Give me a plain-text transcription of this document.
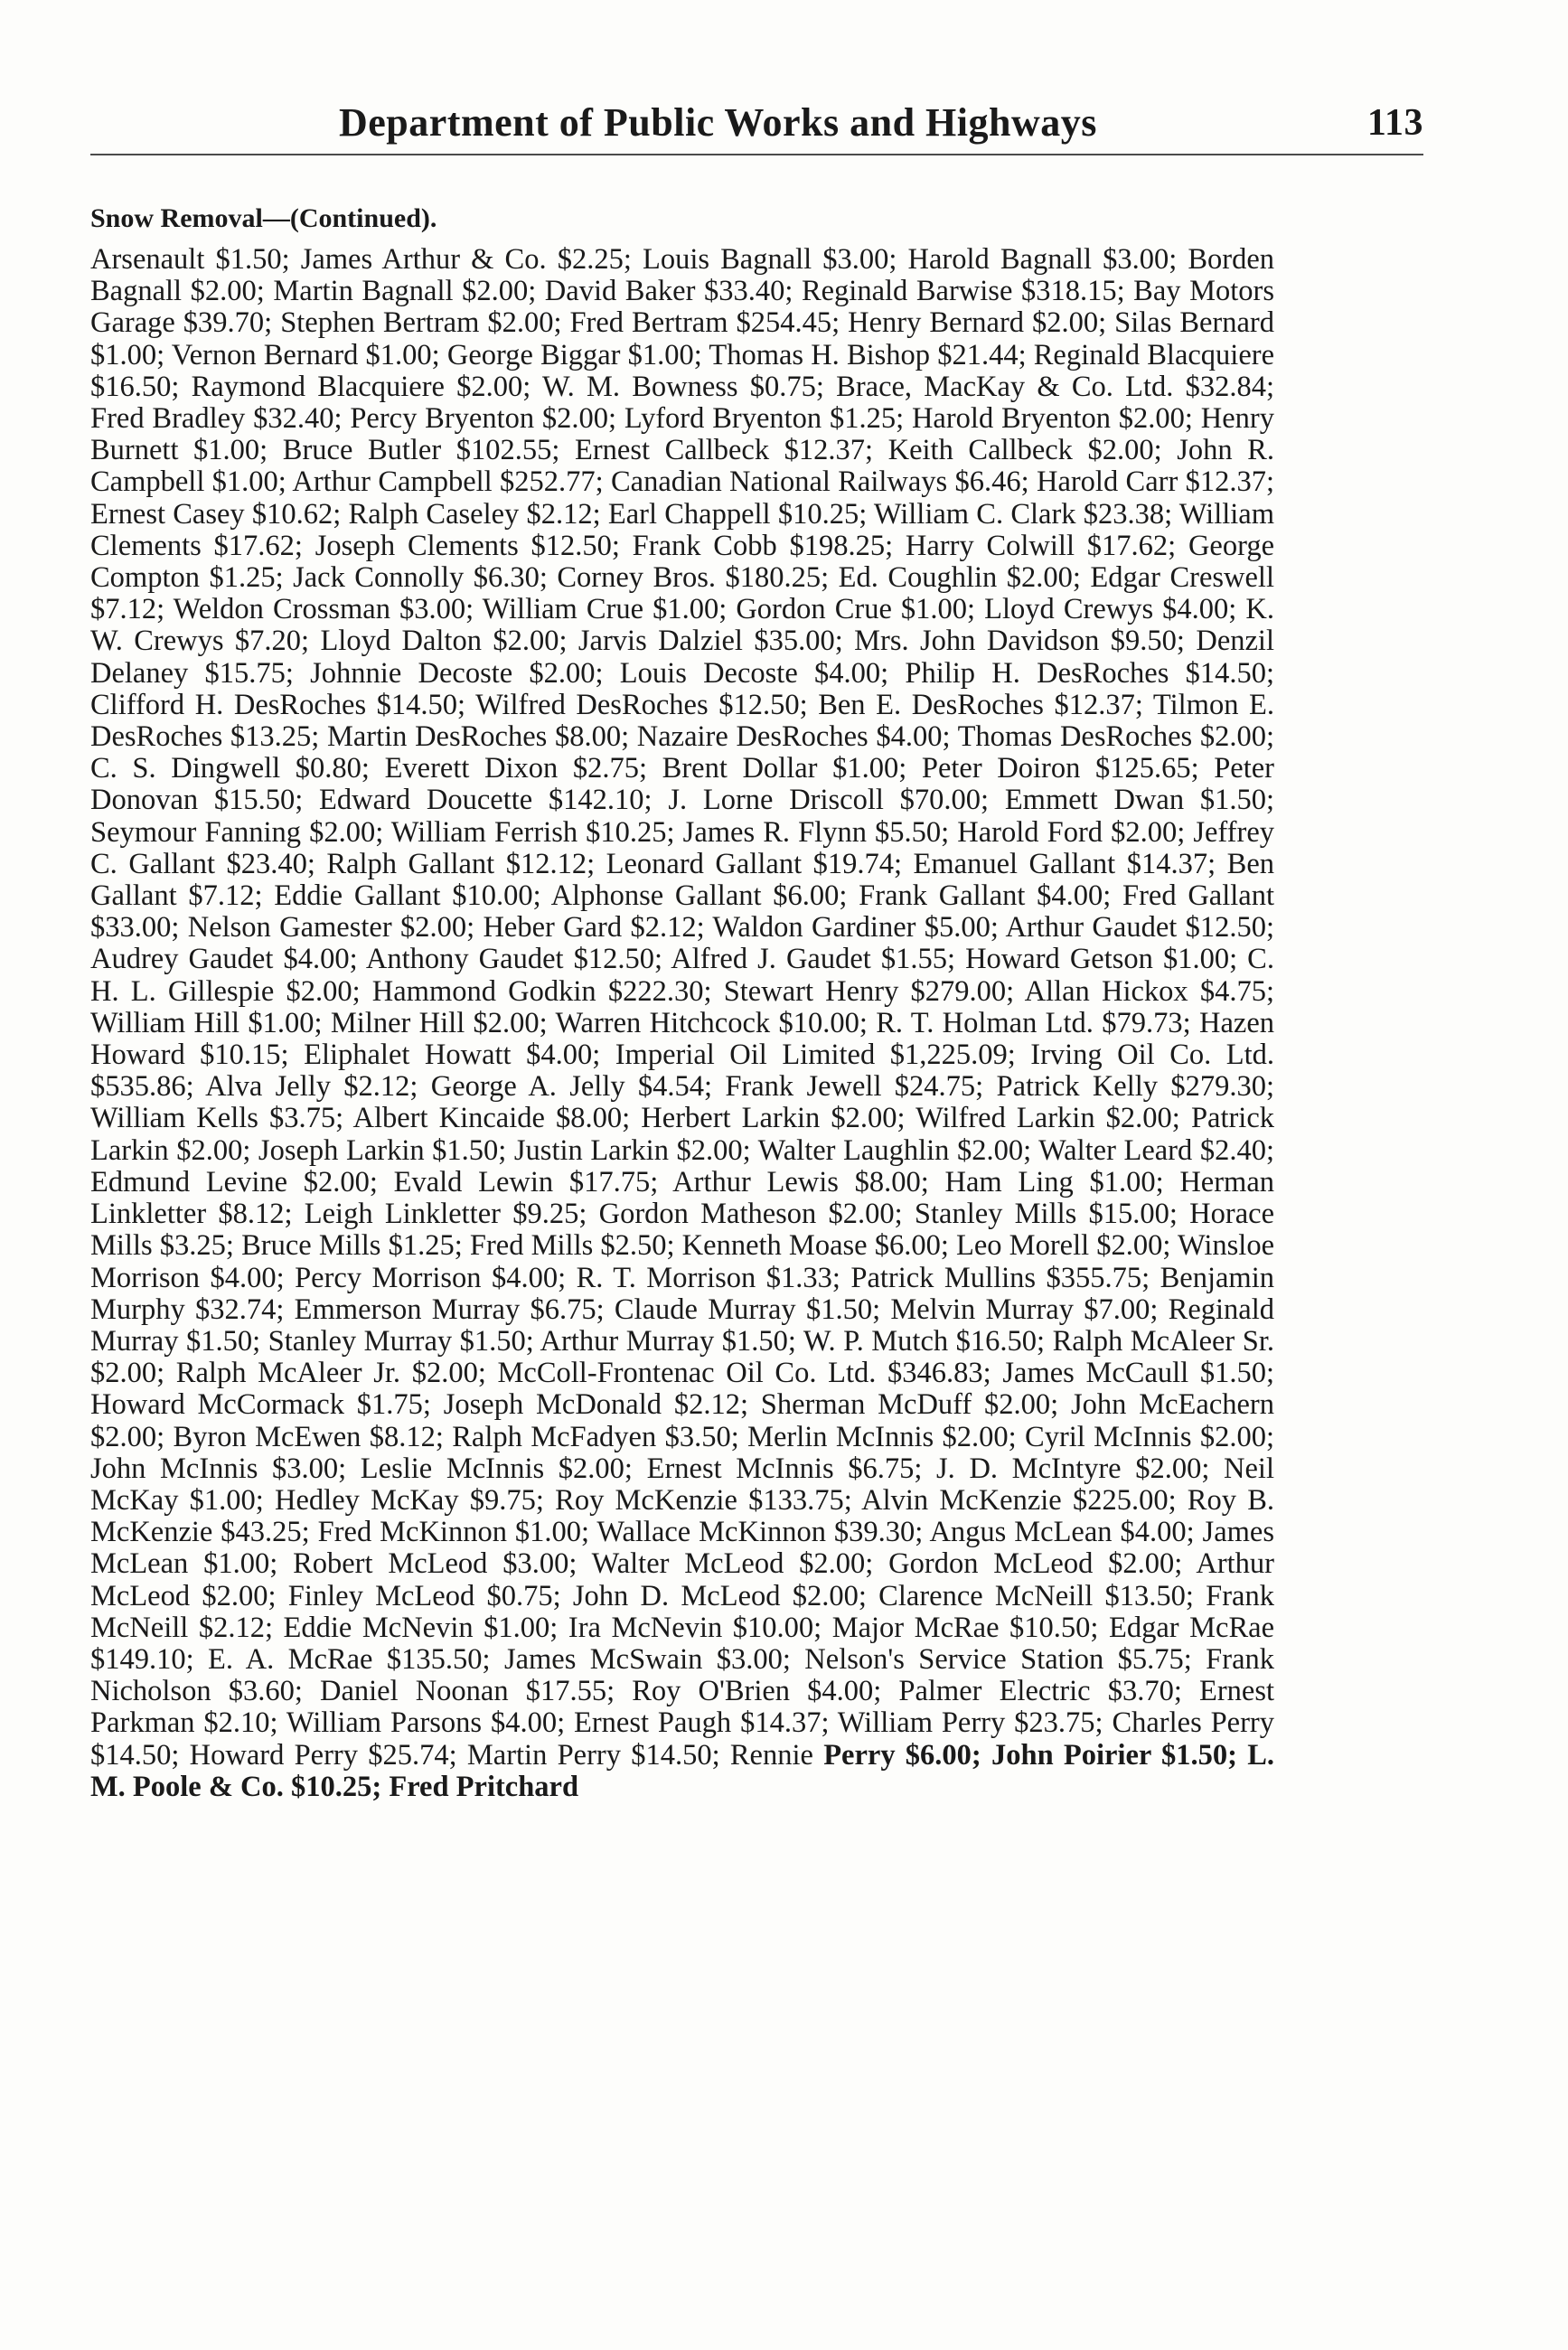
Department of Public Works and Highways	113
Snow Removal—(Continued).

Arsenault $1.50; James Arthur & Co. $2.25; Louis Bagnall $3.00; Harold Bagnall $3.00; Borden Bagnall $2.00; Martin Bagnall $2.00; David Baker $33.40; Reginald Barwise $318.15; Bay Motors Garage $39.70; Stephen Bertram $2.00; Fred Bertram $254.45; Henry Bernard $2.00; Silas Bernard $1.00; Vernon Bernard $1.00; George Biggar $1.00; Thomas H. Bishop $21.44; Reginald Blacquiere $16.50; Raymond Blacquiere $2.00; W. M. Bowness $0.75; Brace, MacKay & Co. Ltd. $32.84; Fred Bradley $32.40; Percy Bryenton $2.00; Lyford Bryenton $1.25; Harold Bryenton $2.00; Henry Burnett $1.00; Bruce Butler $102.55; Ernest Callbeck $12.37; Keith Callbeck $2.00; John R. Campbell $1.00; Arthur Campbell $252.77; Canadian National Railways $6.46; Harold Carr $12.37; Ernest Casey $10.62; Ralph Caseley $2.12; Earl Chappell $10.25; William C. Clark $23.38; William Clements $17.62; Joseph Clements $12.50; Frank Cobb $198.25; Harry Colwill $17.62; George Compton $1.25; Jack Connolly $6.30; Corney Bros. $180.25; Ed. Coughlin $2.00; Edgar Creswell $7.12; Weldon Crossman $3.00; William Crue $1.00; Gordon Crue $1.00; Lloyd Crewys $4.00; K. W. Crewys $7.20; Lloyd Dalton $2.00; Jarvis Dalziel $35.00; Mrs. John Davidson $9.50; Denzil Delaney $15.75; Johnnie Decoste $2.00; Louis Decoste $4.00; Philip H. DesRoches $14.50; Clifford H. DesRoches $14.50; Wilfred DesRoches $12.50; Ben E. DesRoches $12.37; Tilmon E. DesRoches $13.25; Martin DesRoches $8.00; Nazaire DesRoches $4.00; Thomas DesRoches $2.00; C. S. Dingwell $0.80; Everett Dixon $2.75; Brent Dollar $1.00; Peter Doiron $125.65; Peter Donovan $15.50; Edward Doucette $142.10; J. Lorne Driscoll $70.00; Emmett Dwan $1.50; Seymour Fanning $2.00; William Ferrish $10.25; James R. Flynn $5.50; Harold Ford $2.00; Jeffrey C. Gallant $23.40; Ralph Gallant $12.12; Leonard Gallant $19.74; Emanuel Gallant $14.37; Ben Gallant $7.12; Eddie Gallant $10.00; Alphonse Gallant $6.00; Frank Gallant $4.00; Fred Gallant $33.00; Nelson Gamester $2.00; Heber Gard $2.12; Waldon Gardiner $5.00; Arthur Gaudet $12.50; Audrey Gaudet $4.00; Anthony Gaudet $12.50; Alfred J. Gaudet $1.55; Howard Getson $1.00; C. H. L. Gillespie $2.00; Hammond Godkin $222.30; Stewart Henry $279.00; Allan Hickox $4.75; William Hill $1.00; Milner Hill $2.00; Warren Hitchcock $10.00; R. T. Holman Ltd. $79.73; Hazen Howard $10.15; Eliphalet Howatt $4.00; Imperial Oil Limited $1,225.09; Irving Oil Co. Ltd. $535.86; Alva Jelly $2.12; George A. Jelly $4.54; Frank Jewell $24.75; Patrick Kelly $279.30; William Kells $3.75; Albert Kincaide $8.00; Herbert Larkin $2.00; Wilfred Larkin $2.00; Patrick Larkin $2.00; Joseph Larkin $1.50; Justin Larkin $2.00; Walter Laughlin $2.00; Walter Leard $2.40; Edmund Levine $2.00; Evald Lewin $17.75; Arthur Lewis $8.00; Ham Ling $1.00; Herman Linkletter $8.12; Leigh Linkletter $9.25; Gordon Matheson $2.00; Stanley Mills $15.00; Horace Mills $3.25; Bruce Mills $1.25; Fred Mills $2.50; Kenneth Moase $6.00; Leo Morell $2.00; Winsloe Morrison $4.00; Percy Morrison $4.00; R. T. Morrison $1.33; Patrick Mullins $355.75; Benjamin Murphy $32.74; Emmerson Murray $6.75; Claude Murray $1.50; Melvin Murray $7.00; Reginald Murray $1.50; Stanley Murray $1.50; Arthur Murray $1.50; W. P. Mutch $16.50; Ralph McAleer Sr. $2.00; Ralph McAleer Jr. $2.00; McColl-Frontenac Oil Co. Ltd. $346.83; James McCaull $1.50; Howard McCormack $1.75; Joseph McDonald $2.12; Sherman McDuff $2.00; John McEachern $2.00; Byron McEwen $8.12; Ralph McFadyen $3.50; Merlin McInnis $2.00; Cyril McInnis $2.00; John McInnis $3.00; Leslie McInnis $2.00; Ernest McInnis $6.75; J. D. McIntyre $2.00; Neil McKay $1.00; Hedley McKay $9.75; Roy McKenzie $133.75; Alvin McKenzie $225.00; Roy B. McKenzie $43.25; Fred McKinnon $1.00; Wallace McKinnon $39.30; Angus McLean $4.00; James McLean $1.00; Robert McLeod $3.00; Walter McLeod $2.00; Gordon McLeod $2.00; Arthur McLeod $2.00; Finley McLeod $0.75; John D. McLeod $2.00; Clarence McNeill $13.50; Frank McNeill $2.12; Eddie McNevin $1.00; Ira McNevin $10.00; Major McRae $10.50; Edgar McRae $149.10; E. A. McRae $135.50; James McSwain $3.00; Nelson's Service Station $5.75; Frank Nicholson $3.60; Daniel Noonan $17.55; Roy O'Brien $4.00; Palmer Electric $3.70; Ernest Parkman $2.10; William Parsons $4.00; Ernest Paugh $14.37; William Perry $23.75; Charles Perry $14.50; Howard Perry $25.74; Martin Perry $14.50; Rennie Perry $6.00; John Poirier $1.50; L. M. Poole & Co. $10.25; Fred Pritchard
